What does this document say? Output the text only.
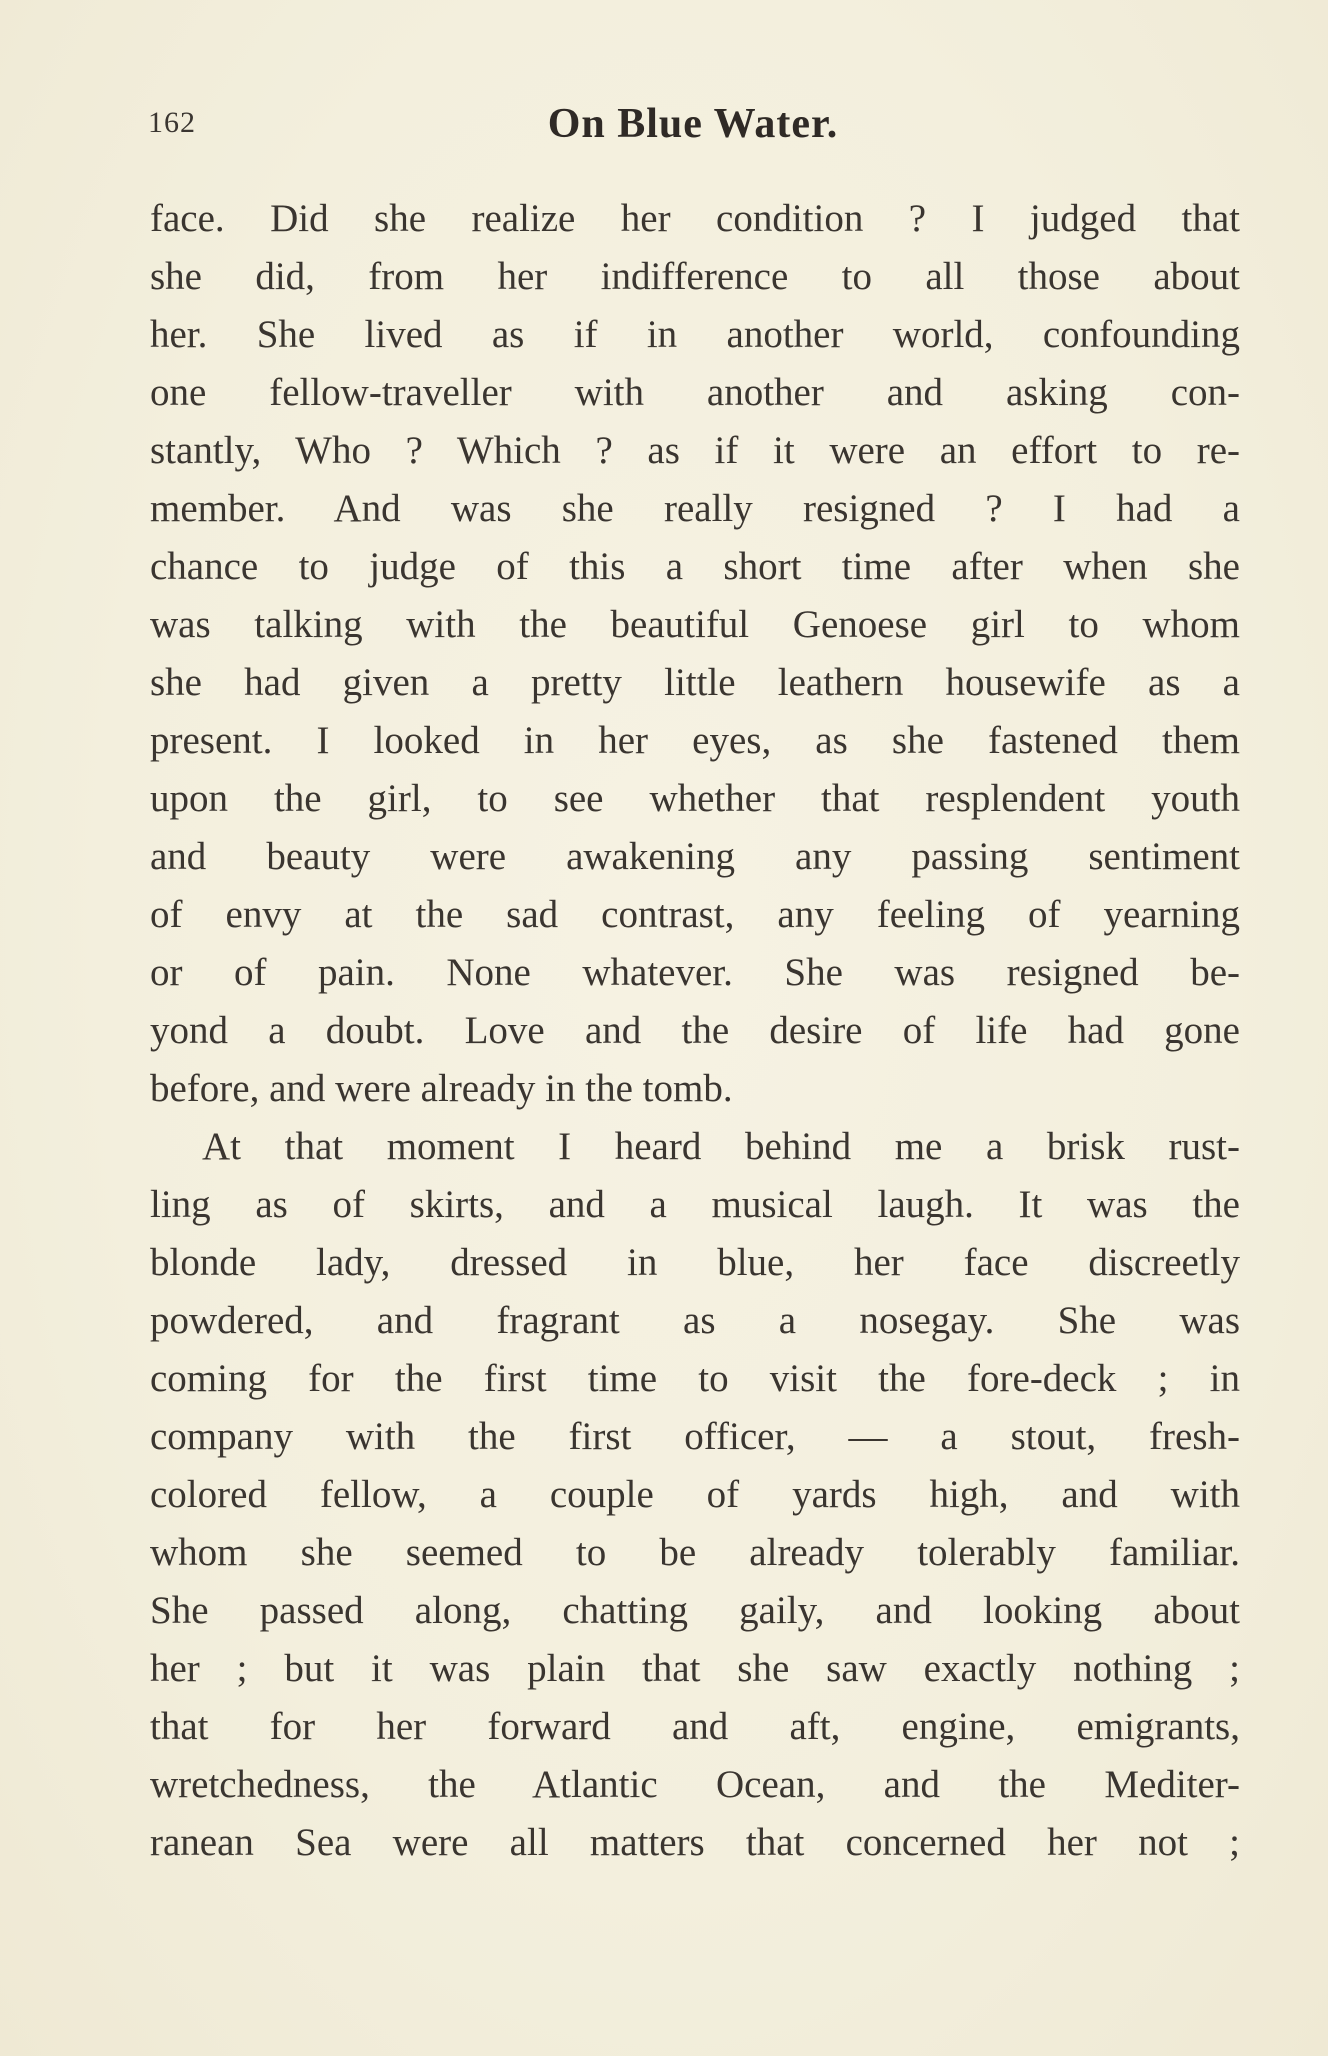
162	On Blue Water.
face. Did she realize her condition ? I judged that
she did, from her indifference to all those about
her. She lived as if in another world, confounding
one fellow-traveller with another and asking con-
stantly, Who ? Which ? as if it were an effort to re-
member. And was she really resigned ? I had a
chance to judge of this a short time after when she
was talking with the beautiful Genoese girl to whom
she had given a pretty little leathern housewife as a
present. I looked in her eyes, as she fastened them
upon the girl, to see whether that resplendent youth
and beauty were awakening any passing sentiment
of envy at the sad contrast, any feeling of yearning
or of pain. None whatever. She was resigned be-
yond a doubt. Love and the desire of life had gone
before, and were already in the tomb.
At that moment I heard behind me a brisk rust-
ling as of skirts, and a musical laugh. It was the
blonde lady, dressed in blue, her face discreetly
powdered, and fragrant as a nosegay. She was
coming for the first time to visit the fore-deck ; in
company with the first officer, — a stout, fresh-
colored fellow, a couple of yards high, and with
whom she seemed to be already tolerably familiar.
She passed along, chatting gaily, and looking about
her ; but it was plain that she saw exactly nothing ;
that for her forward and aft, engine, emigrants,
wretchedness, the Atlantic Ocean, and the Mediter-
ranean Sea were all matters that concerned her not ;
